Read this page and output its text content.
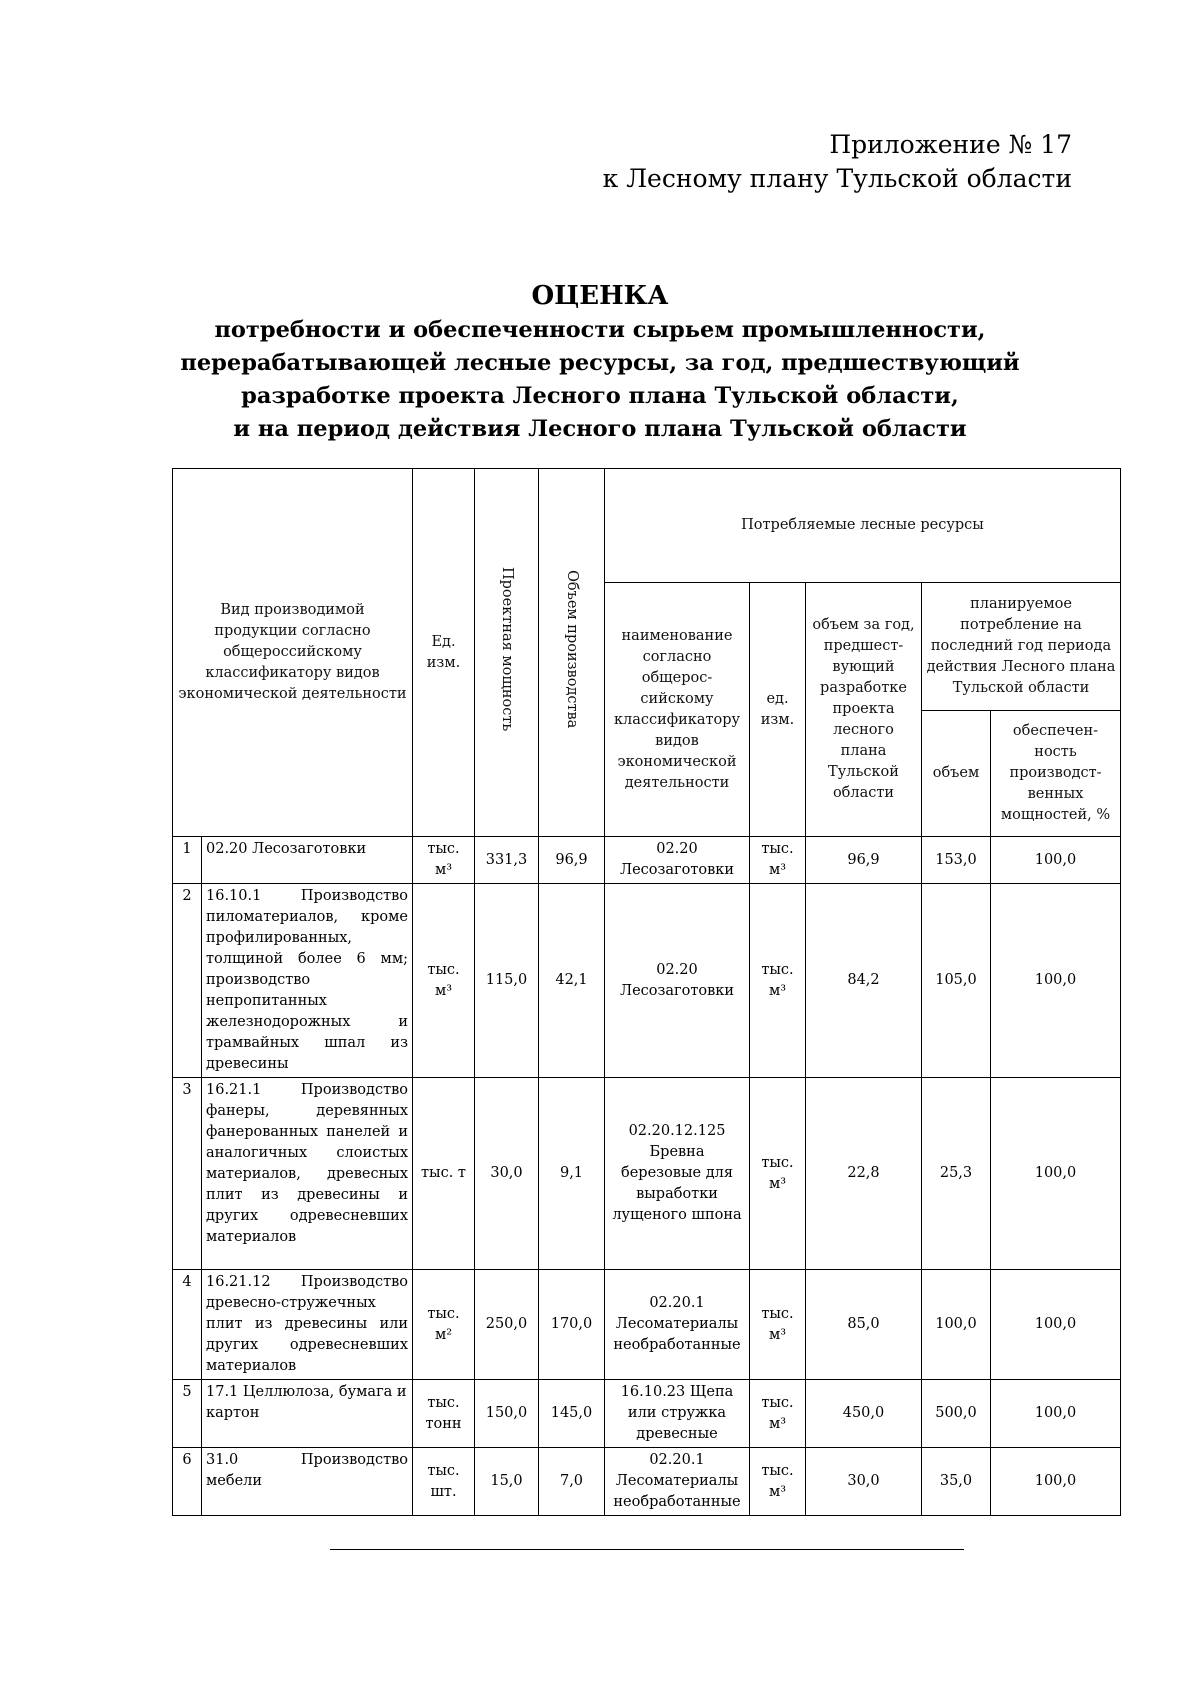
Приложение № 17
к Лесному плану Тульской области
ОЦЕНКА
потребности и обеспеченности сырьем промышленности,
перерабатывающей лесные ресурсы, за год, предшествующий
разработке проекта Лесного плана Тульской области,
и на период действия Лесного плана Тульской области
Вид производимой продукции согласно общероссийскому классификатору видов экономической деятельности		Ед. изм.	Проектная мощность	Объем производства	Потребляемые лесные ресурсы				
					наименование согласно общерос-сийскому классификатору видов экономической деятельности	ед. изм.	объем за год, предшест-вующий разработке проекта лесного плана Тульской области	планируемое потребление на последний год периода действия Лесного плана Тульской области	
								объем	обеспечен-ность производст-венных мощностей, %
1	02.20 Лесозаготовки	тыс. м³	331,3	96,9	02.20 Лесозаготовки	тыс. м³	96,9	153,0	100,0
2	16.10.1 Производство пиломатериалов, кроме профилированных, толщиной более 6 мм; производство непропитанных железнодорожных и трамвайных шпал из древесины	тыс. м³	115,0	42,1	02.20 Лесозаготовки	тыс. м³	84,2	105,0	100,0
3	16.21.1 Производство фанеры, деревянных фанерованных панелей и аналогичных слоистых материалов, древесных плит из древесины и других одревесневших материалов	тыс. т	30,0	9,1	02.20.12.125 Бревна березовые для выработки лущеного шпона	тыс. м³	22,8	25,3	100,0
4	16.21.12 Производство древесно-стружечных плит из древесины или других одревесневших материалов	тыс. м²	250,0	170,0	02.20.1 Лесоматериалы необработанные	тыс. м³	85,0	100,0	100,0
5	17.1 Целлюлоза, бумага и картон	тыс. тонн	150,0	145,0	16.10.23 Щепа или стружка древесные	тыс. м³	450,0	500,0	100,0
6	31.0 Производство мебели	тыс. шт.	15,0	7,0	02.20.1 Лесоматериалы необработанные	тыс. м³	30,0	35,0	100,0
